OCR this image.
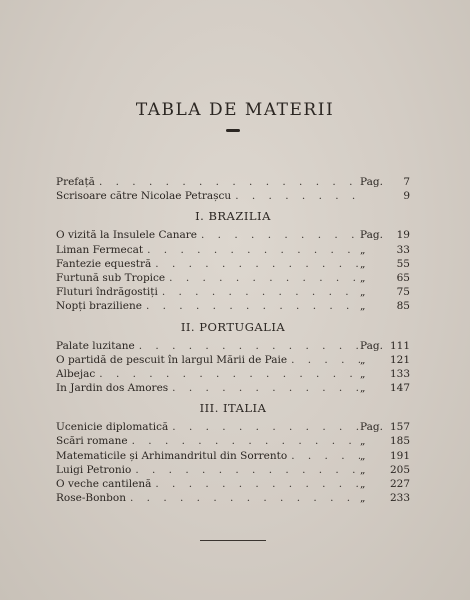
TABLA DE MATERII
Prefață . . .	Pag.	7
Scrisoare către Nicolae Petrașcu . . .	9
I. BRAZILIA
O vizită la Insulele Canare . . .	Pag.	19
Liman Fermecat . . .	„	33
Fantezie equestră . . .	„	55
Furtună sub Tropice . . .	„	65
Fluturi îndrăgostiți . . .	„	75
Nopți braziliene . . .	„	85
II. PORTUGALIA
Palate luzitane . . .	Pag. 111
O partidă de pescuit în largul Mării de Paie . . .	„	121
Albejac . . .	„	133
In Jardin dos Amores . . .	„	147
III. ITALIA
Ucenicie diplomatică . . .	Pag. 157
Scări romane . . .	„	185
Matematicile și Arhimandritul din Sorrento . . .	„	191
Luigi Petronio . . .	„	205
O veche cantilenă . . .	„	227
Rose-Bonbon . . .	„	233
